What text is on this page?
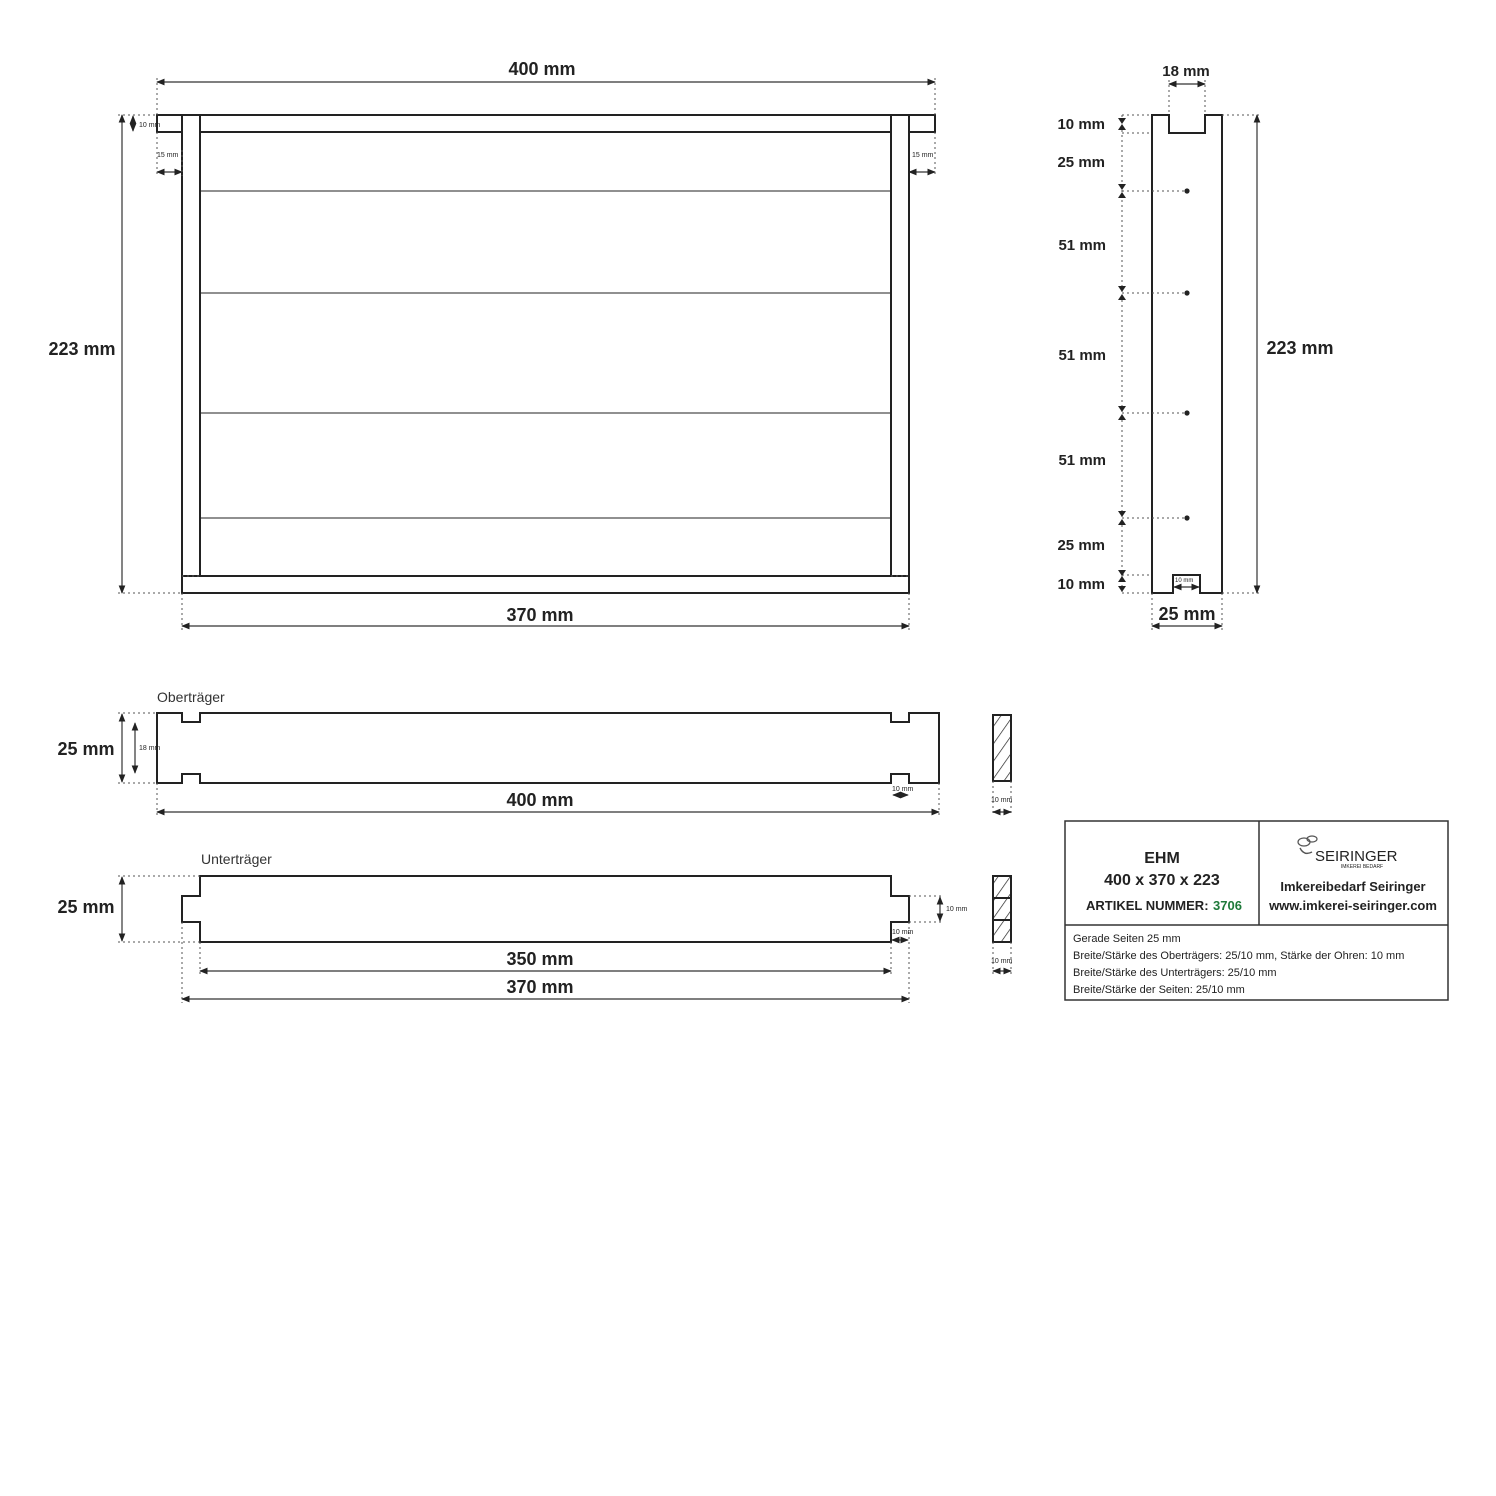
400 mm
223 mm
10 mm
15 mm	15 mm
370 mm
18 mm
10 mm
25 mm
51 mm
51 mm
51 mm
25 mm
10 mm
223 mm
10 mm
25 mm
Oberträger
25 mm	18 mm
400 mm
10 mm
10 mm
Unterträger
25 mm	10 mm
10 mm
350 mm
370 mm
10 mm
EHM
400 x 370 x 223
ARTIKEL NUMMER: 3706
SEIRINGER
IMKEREI BEDARF
Imkereibedarf Seiringer
www.imkerei-seiringer.com
Gerade Seiten 25 mm
Breite/Stärke des Oberträgers: 25/10 mm, Stärke der Ohren: 10 mm
Breite/Stärke des Unterträgers: 25/10 mm
Breite/Stärke der Seiten: 25/10 mm
